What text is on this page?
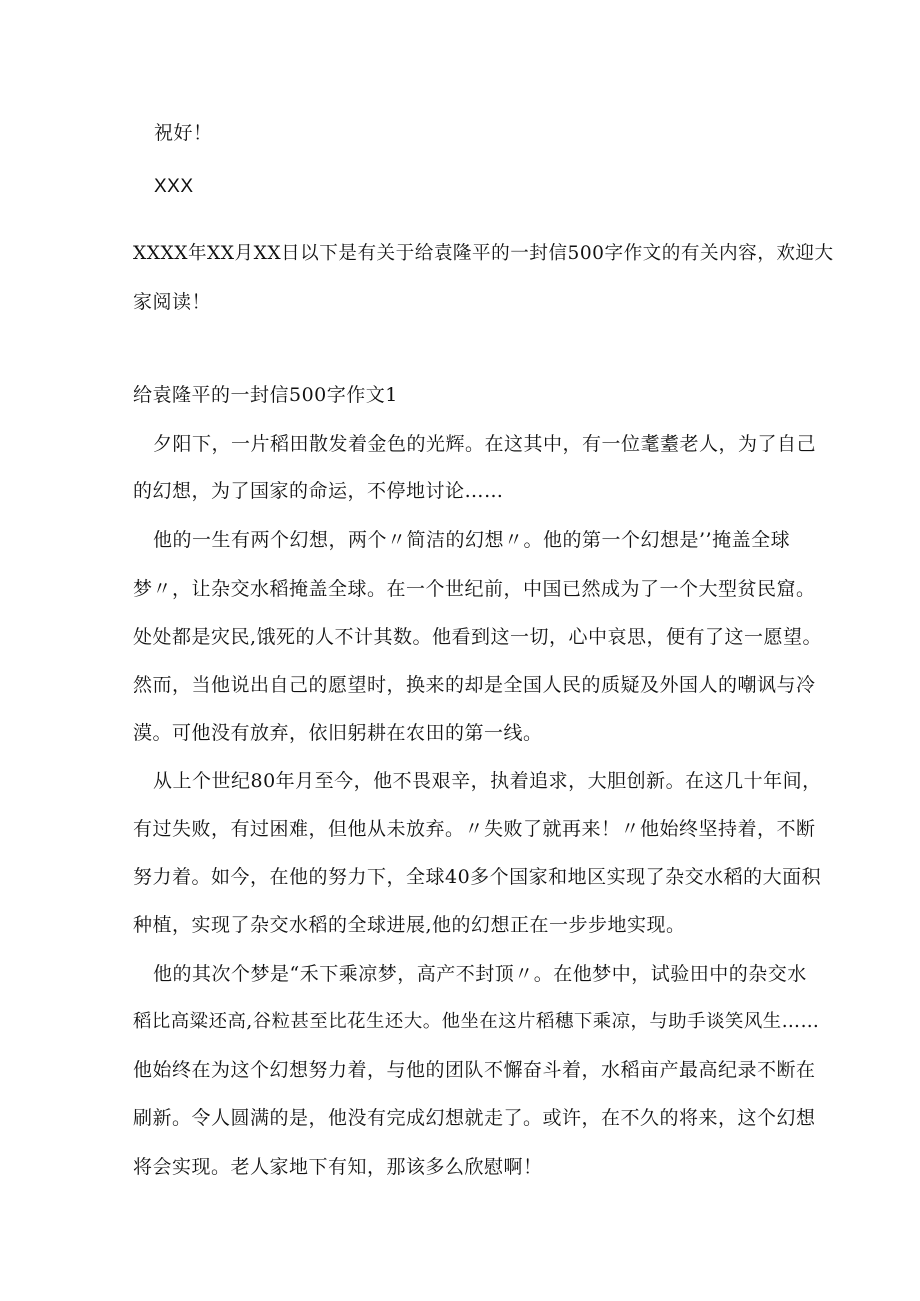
祝好！

XXX

XXXX年XX月XX日以下是有关于给袁隆平的一封信500字作文的有关内容，欢迎大

家阅读！

给袁隆平的一封信500字作文1

夕阳下，一片稻田散发着金色的光辉。在这其中，有一位耄耋老人，为了自己

的幻想，为了国家的命运，不停地讨论……

他的一生有两个幻想，两个〃简洁的幻想〃。他的第一个幻想是’’掩盖全球

梦〃，让杂交水稻掩盖全球。在一个世纪前，中国已然成为了一个大型贫民窟。

处处都是灾民,饿死的人不计其数。他看到这一切，心中哀思，便有了这一愿望。

然而，当他说出自己的愿望时，换来的却是全国人民的质疑及外国人的嘲讽与冷

漠。可他没有放弃，依旧躬耕在农田的第一线。

从上个世纪80年月至今，他不畏艰辛，执着追求，大胆创新。在这几十年间，

有过失败，有过困难，但他从未放弃。〃失败了就再来！〃他始终坚持着，不断

努力着。如今，在他的努力下，全球40多个国家和地区实现了杂交水稻的大面积

种植，实现了杂交水稻的全球进展,他的幻想正在一步步地实现。

他的其次个梦是“禾下乘凉梦，高产不封顶〃。在他梦中，试验田中的杂交水

稻比高粱还高,谷粒甚至比花生还大。他坐在这片稻穗下乘凉，与助手谈笑风生……

他始终在为这个幻想努力着，与他的团队不懈奋斗着，水稻亩产最高纪录不断在

刷新。令人圆满的是，他没有完成幻想就走了。或许，在不久的将来，这个幻想

将会实现。老人家地下有知，那该多么欣慰啊！
